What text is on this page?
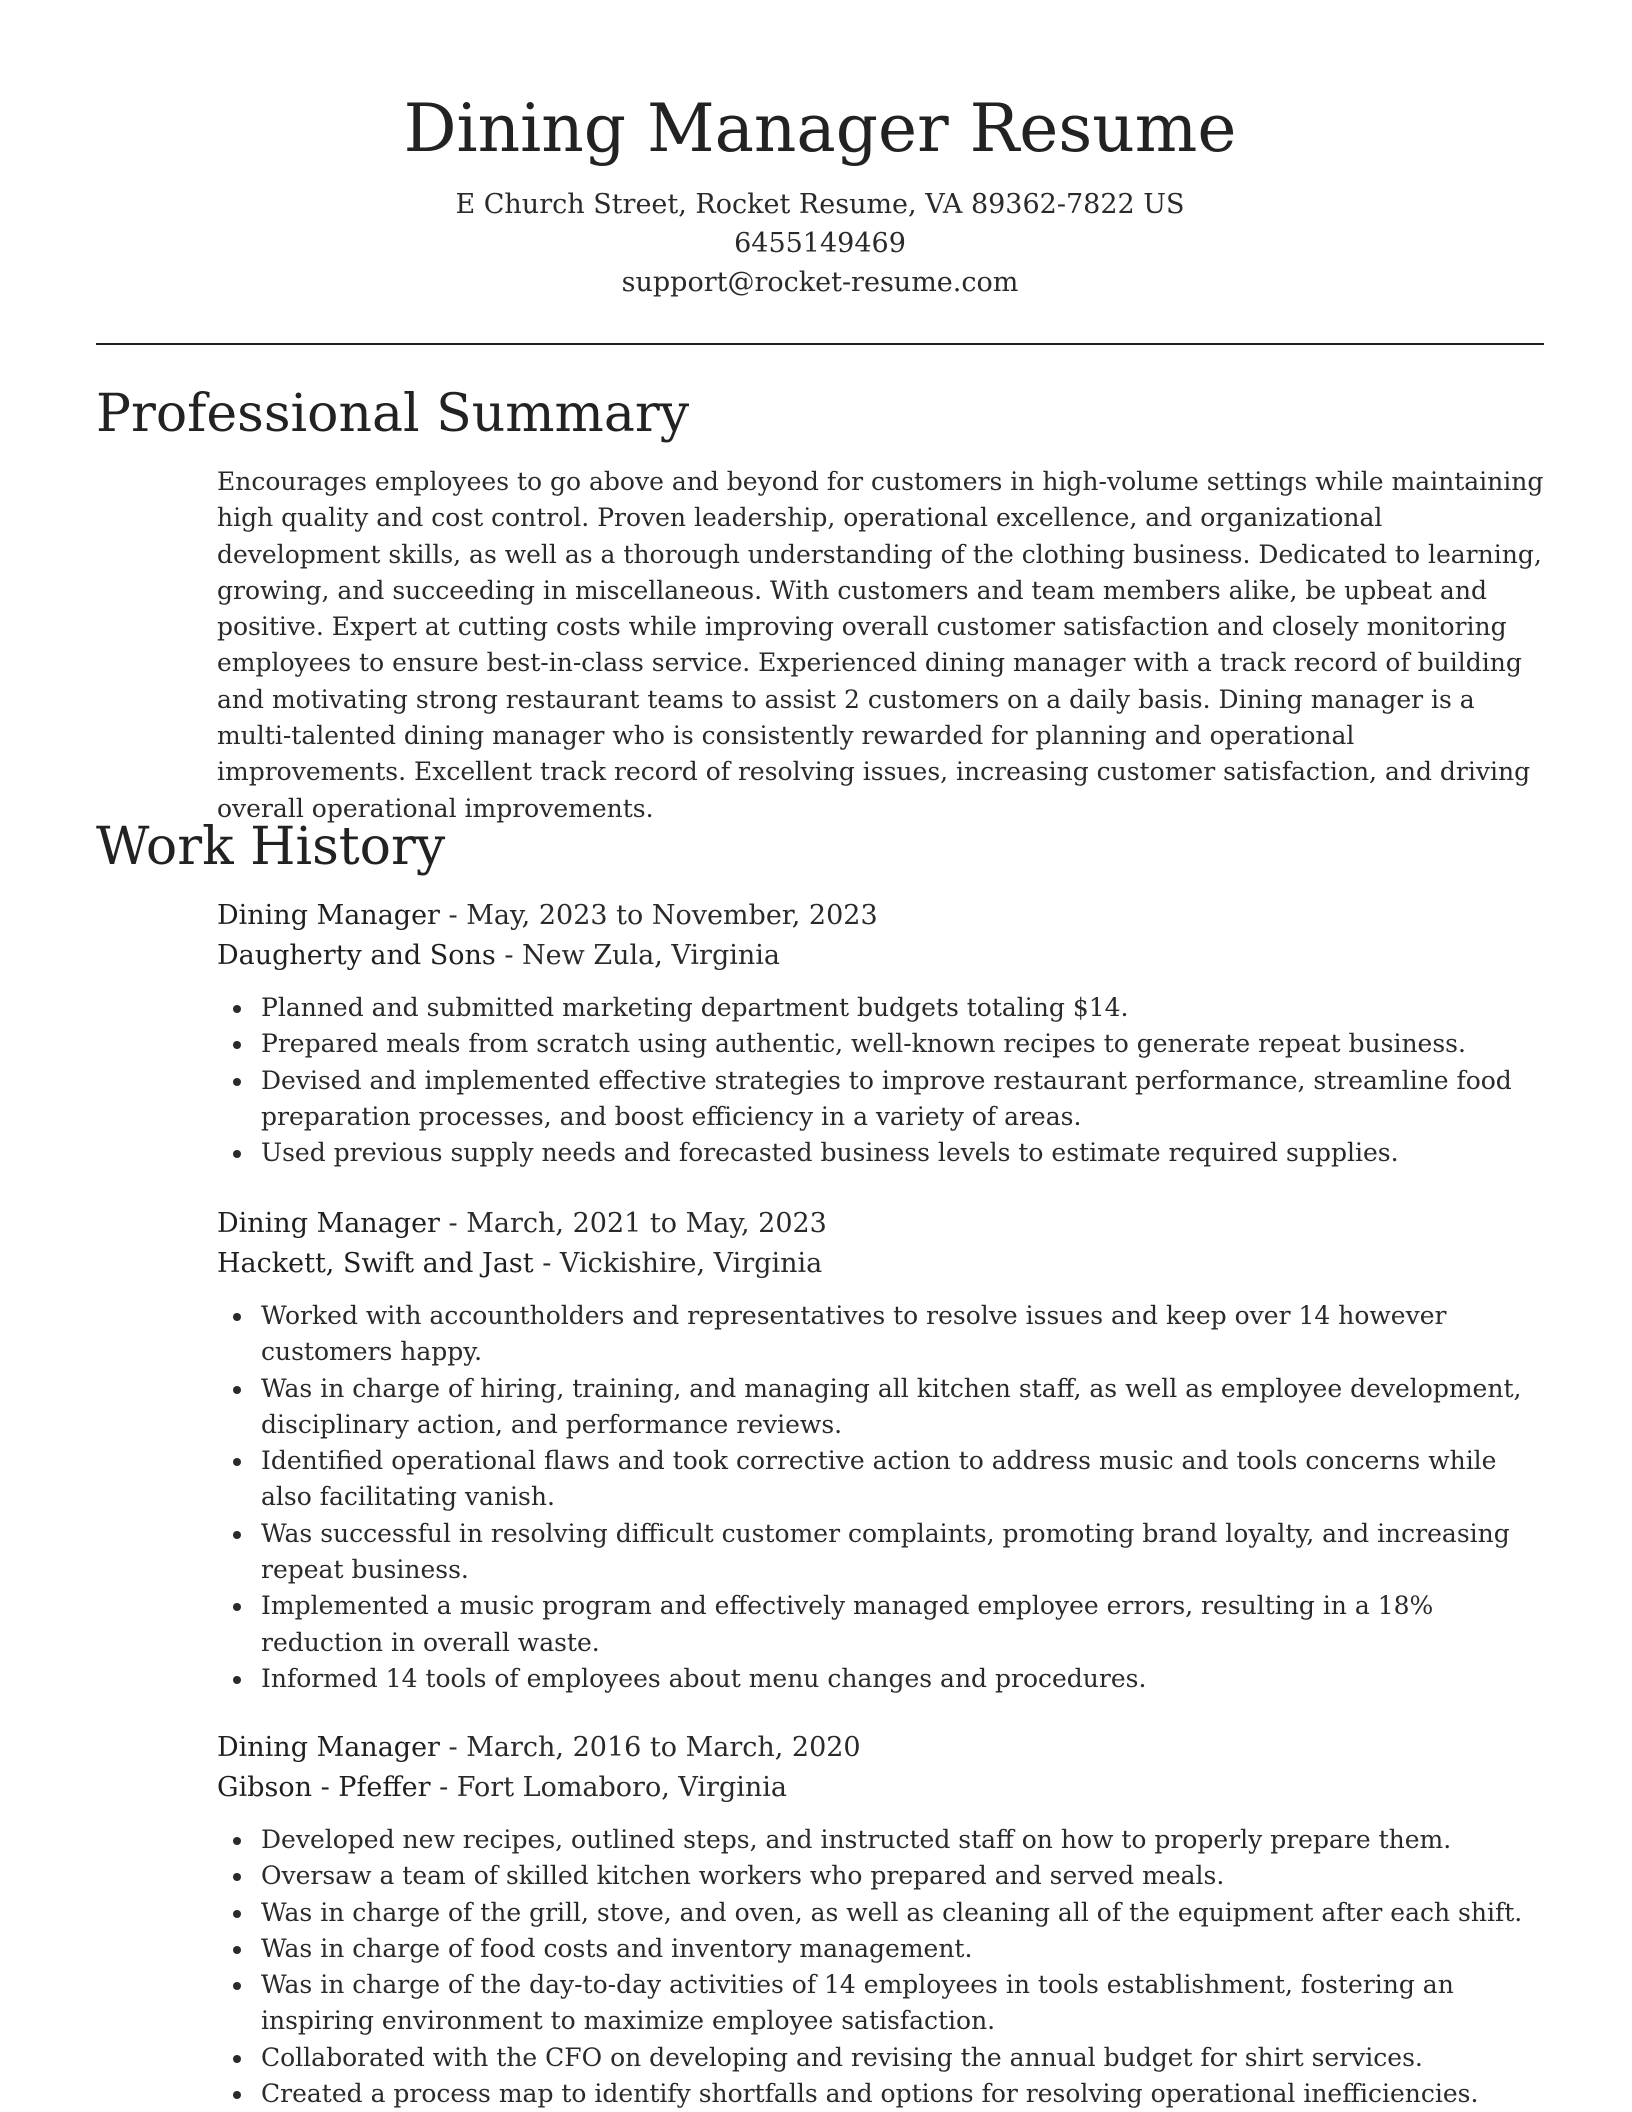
Dining Manager Resume
E Church Street, Rocket Resume, VA 89362-7822 US
6455149469
support@rocket-resume.com
Professional Summary

Encourages employees to go above and beyond for customers in high-volume settings while maintaining high quality and cost control. Proven leadership, operational excellence, and organizational development skills, as well as a thorough understanding of the clothing business. Dedicated to learning, growing, and succeeding in miscellaneous. With customers and team members alike, be upbeat and positive. Expert at cutting costs while improving overall customer satisfaction and closely monitoring employees to ensure best-in-class service. Experienced dining manager with a track record of building and motivating strong restaurant teams to assist 2 customers on a daily basis. Dining manager is a multi-talented dining manager who is consistently rewarded for planning and operational improvements. Excellent track record of resolving issues, increasing customer satisfaction, and driving overall operational improvements.

Work History
Dining Manager - May, 2023 to November, 2023
Daugherty and Sons - New Zula, Virginia
Planned and submitted marketing department budgets totaling $14.
Prepared meals from scratch using authentic, well-known recipes to generate repeat business.
Devised and implemented effective strategies to improve restaurant performance, streamline food preparation processes, and boost efficiency in a variety of areas.
Used previous supply needs and forecasted business levels to estimate required supplies.
Dining Manager - March, 2021 to May, 2023
Hackett, Swift and Jast - Vickishire, Virginia
Worked with accountholders and representatives to resolve issues and keep over 14 however customers happy.
Was in charge of hiring, training, and managing all kitchen staff, as well as employee development, disciplinary action, and performance reviews.
Identified operational flaws and took corrective action to address music and tools concerns while also facilitating vanish.
Was successful in resolving difficult customer complaints, promoting brand loyalty, and increasing repeat business.
Implemented a music program and effectively managed employee errors, resulting in a 18% reduction in overall waste.
Informed 14 tools of employees about menu changes and procedures.
Dining Manager - March, 2016 to March, 2020
Gibson - Pfeffer - Fort Lomaboro, Virginia
Developed new recipes, outlined steps, and instructed staff on how to properly prepare them.
Oversaw a team of skilled kitchen workers who prepared and served meals.
Was in charge of the grill, stove, and oven, as well as cleaning all of the equipment after each shift.
Was in charge of food costs and inventory management.
Was in charge of the day-to-day activities of 14 employees in tools establishment, fostering an inspiring environment to maximize employee satisfaction.
Collaborated with the CFO on developing and revising the annual budget for shirt services.
Created a process map to identify shortfalls and options for resolving operational inefficiencies.
